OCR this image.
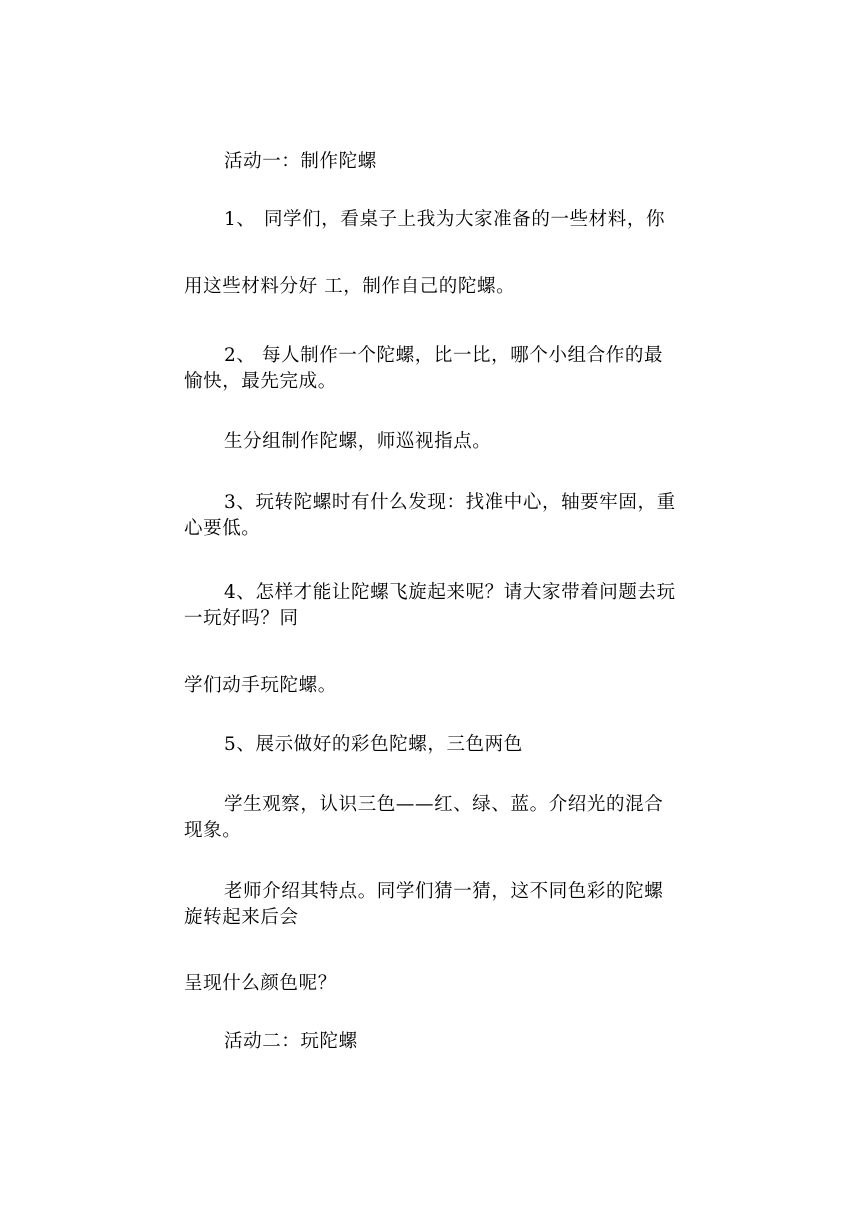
活动一：制作陀螺
1、 同学们，看桌子上我为大家准备的一些材料，你
用这些材料分好 工，制作自己的陀螺。
2、 每人制作一个陀螺，比一比，哪个小组合作的最
愉快，最先完成。
生分组制作陀螺，师巡视指点。
3、玩转陀螺时有什么发现：找准中心，轴要牢固，重
心要低。
4、怎样才能让陀螺飞旋起来呢？请大家带着问题去玩
一玩好吗？同
学们动手玩陀螺。
5、展示做好的彩色陀螺，三色两色
学生观察，认识三色——红、绿、蓝。介绍光的混合
现象。
老师介绍其特点。同学们猜一猜，这不同色彩的陀螺
旋转起来后会
呈现什么颜色呢？
活动二：玩陀螺
